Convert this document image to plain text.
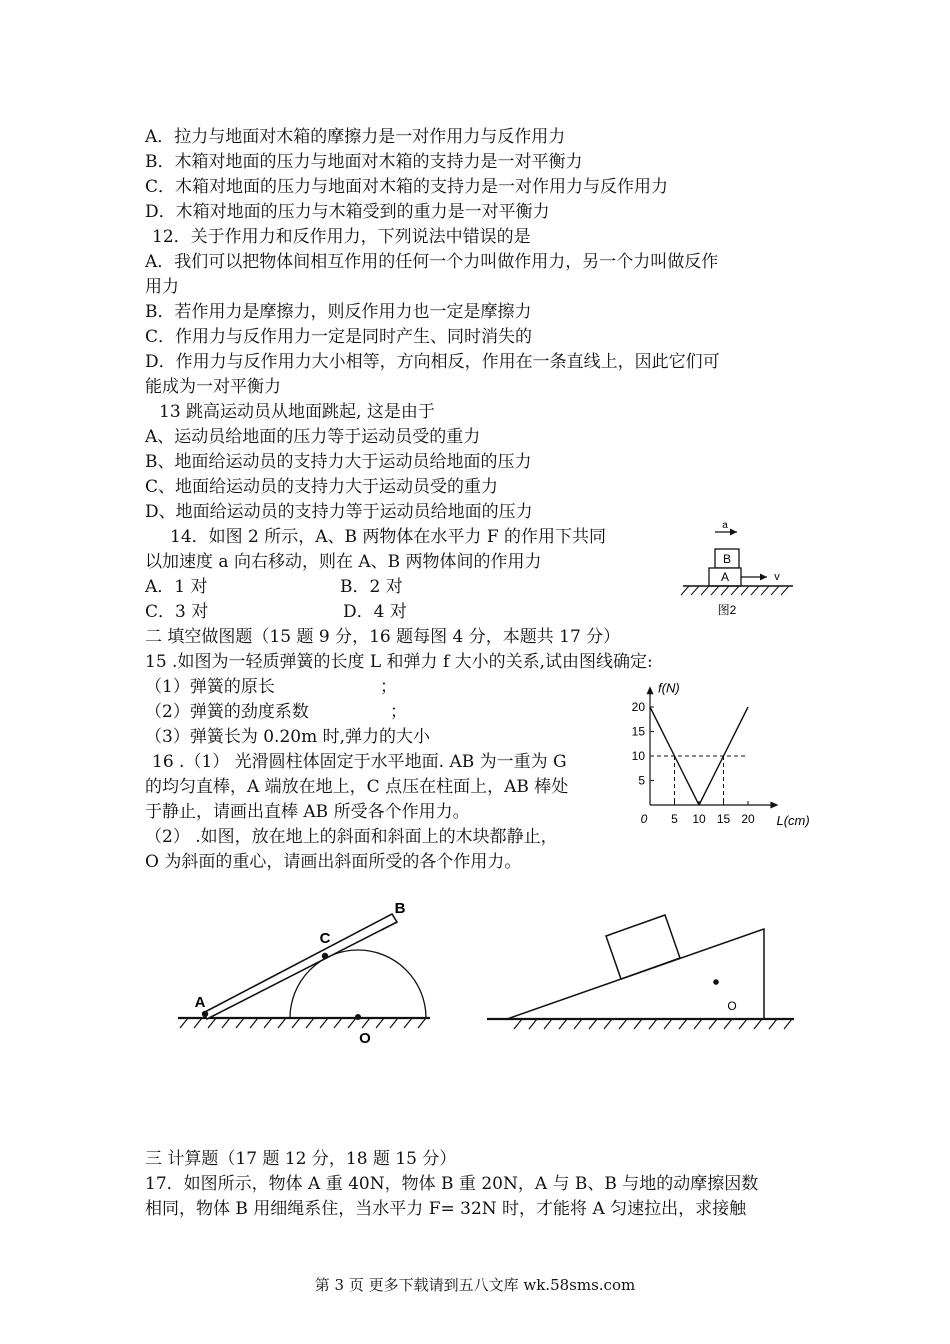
A．拉力与地面对木箱的摩擦力是一对作用力与反作用力
B．木箱对地面的压力与地面对木箱的支持力是一对平衡力
C．木箱对地面的压力与地面对木箱的支持力是一对作用力与反作用力
D．木箱对地面的压力与木箱受到的重力是一对平衡力
12．关于作用力和反作用力，下列说法中错误的是
A．我们可以把物体间相互作用的任何一个力叫做作用力，另一个力叫做反作
用力
B．若作用力是摩擦力，则反作用力也一定是摩擦力
C．作用力与反作用力一定是同时产生、同时消失的
D．作用力与反作用力大小相等，方向相反，作用在一条直线上，因此它们可
能成为一对平衡力
13 跳高运动员从地面跳起, 这是由于
A、运动员给地面的压力等于运动员受的重力
B、地面给运动员的支持力大于运动员给地面的压力
C、地面给运动员的支持力大于运动员受的重力
D、地面给运动员的支持力等于运动员给地面的压力
14．如图 2 所示，A、B 两物体在水平力 F 的作用下共同
以加速度 a 向右移动，则在 A、B 两物体间的作用力
A．1 对	B．2 对
C．3 对	D．4 对
a
B
A	v
图2
二 填空做图题（15 题 9 分，16 题每图 4 分，本题共 17 分）
15 .如图为一轻质弹簧的长度 L 和弹力 f 大小的关系,试由图线确定:
（1）弹簧的原长	；
（2）弹簧的劲度系数	；
（3）弹簧长为 0.20m 时,弹力的大小
f(N)
L(cm)
0 5 10 15 20
5
10
15
20
16 .（1） 光滑圆柱体固定于水平地面. AB 为一重为 G
的均匀直棒，A 端放在地上，C 点压在柱面上，AB 棒处
于静止，请画出直棒 AB 所受各个作用力。
（2） .如图，放在地上的斜面和斜面上的木块都静止，
O 为斜面的重心，请画出斜面所受的各个作用力。
O
A
C
B
O
三 计算题（17 题 12 分，18 题 15 分）
17．如图所示，物体 A 重 40N，物体 B 重 20N，A 与 B、B 与地的动摩擦因数
相同，物体 B 用细绳系住，当水平力 F= 32N 时，才能将 A 匀速拉出，求接触
第 3 页 更多下载请到五八文库 wk.58sms.com
